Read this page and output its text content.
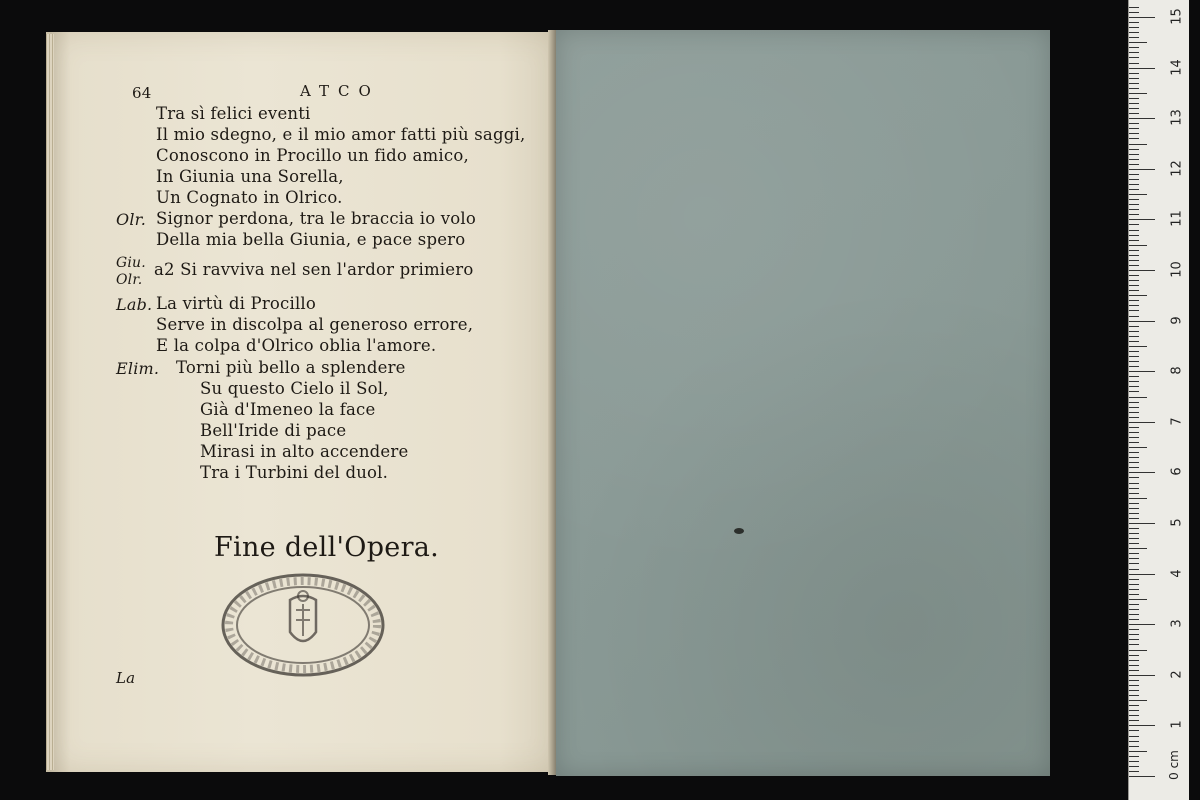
64	ATCO
Tra sì felici eventi
Il mio sdegno, e il mio amor fatti più saggi,
Conoscono in Procillo un fido amico,
In Giunia una Sorella,
Un Cognato in Olrico.
Olr. Signor perdona, tra le braccia io volo
Della mia bella Giunia, e pace spero
Giu.
Olr.
a2 Si ravviva nel sen l'ardor primiero
Lab. La virtù di Procillo
Serve in discolpa al generoso errore,
E la colpa d'Olrico oblia l'amore.
Elim. Torni più bello a splendere
Su questo Cielo il Sol,
Già d'Imeneo la face
Bell'Iride di pace
Mirasi in alto accendere
Tra i Turbini del duol.
Fine dell'Opera.
La
0 cm
1
2
3
4
5
6
7
8
9
10
11
12
13
14
15
